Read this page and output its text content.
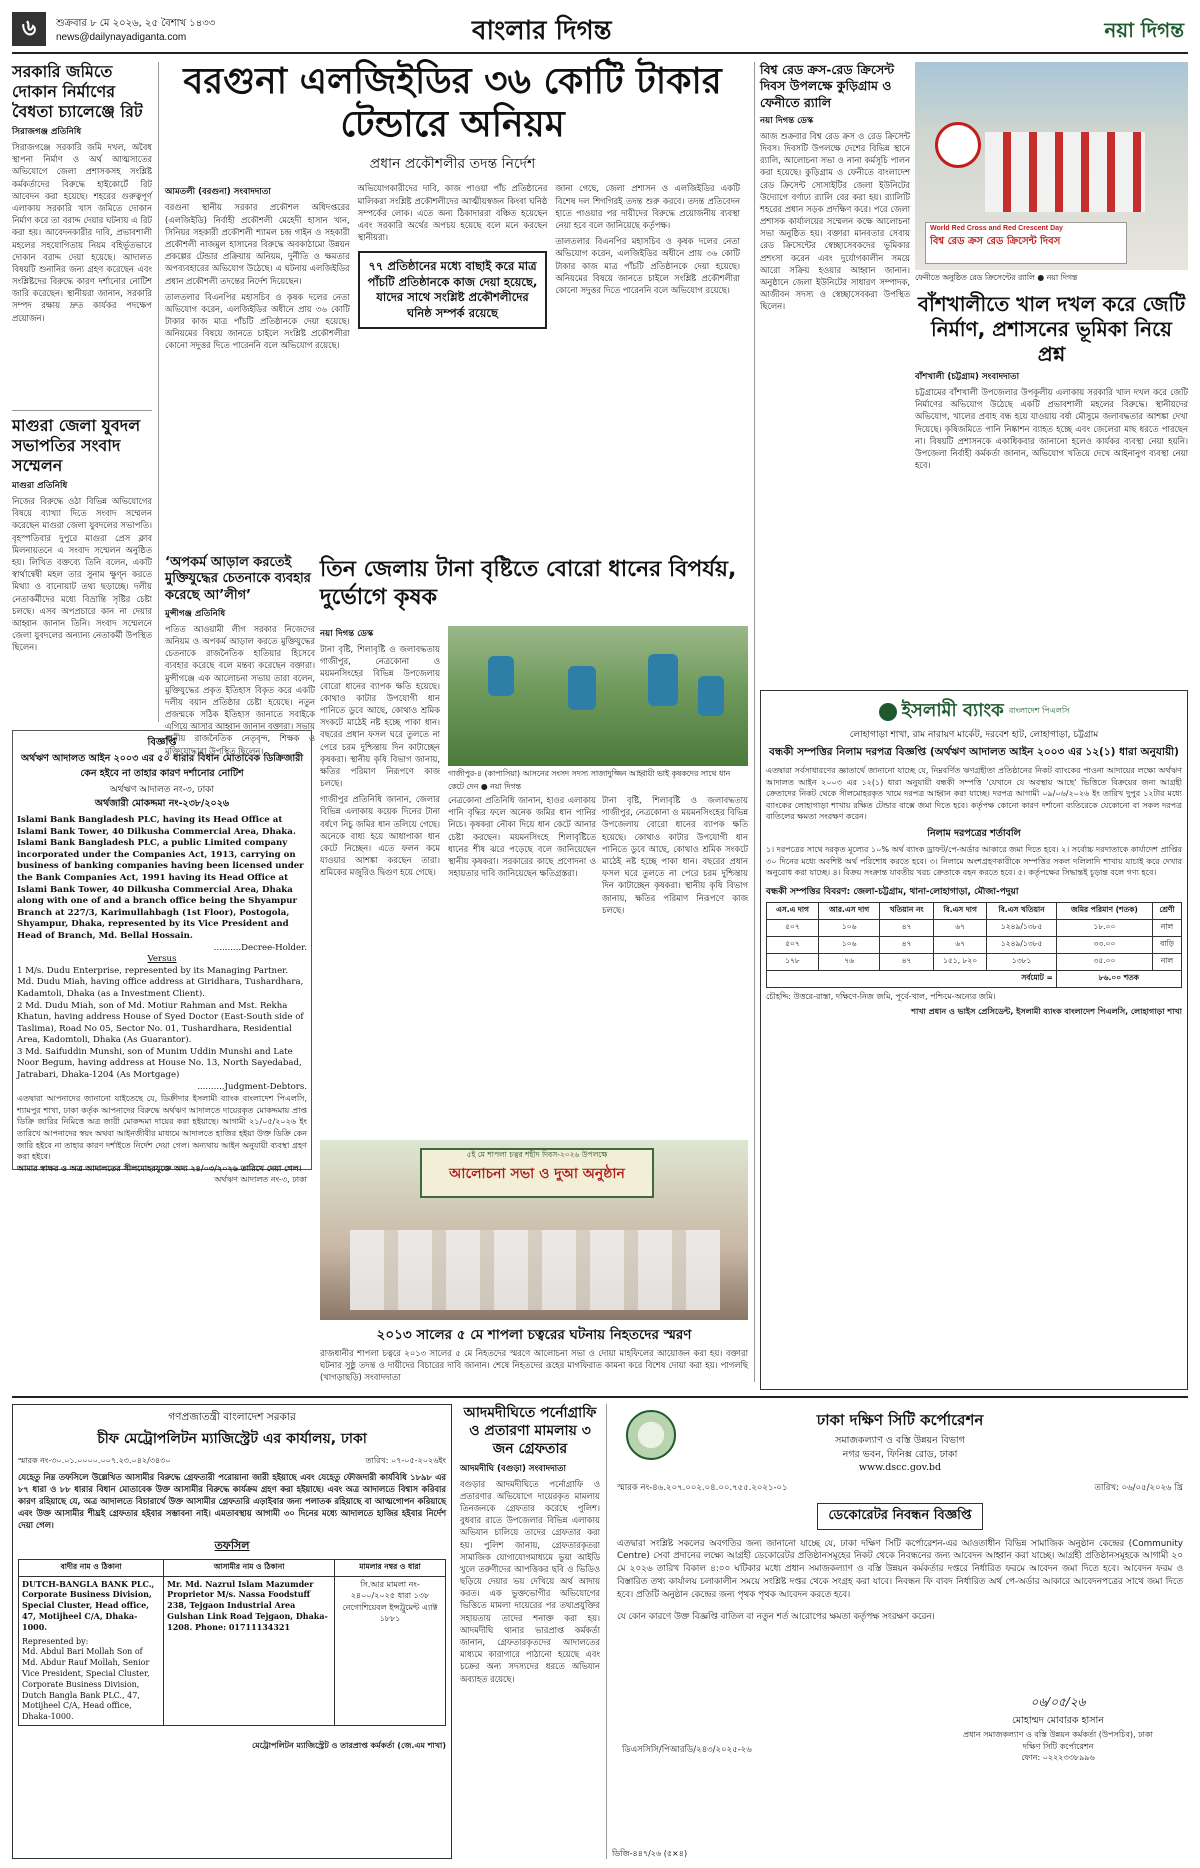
৬	শুক্রবার ৮ মে ২০২৬, ২৫ বৈশাখ ১৪৩৩
news@dailynayadiganta.com	বাংলার দিগন্ত	নয়া দিগন্ত
সরকারি জমিতে দোকান নির্মাণের বৈধতা চ্যালেঞ্জে রিট
সিরাজগঞ্জ প্রতিনিধি
সিরাজগঞ্জে সরকারি জমি দখল, অবৈধ স্থাপনা নির্মাণ ও অর্থ আত্মসাতের অভিযোগে জেলা প্রশাসকসহ সংশ্লিষ্ট কর্মকর্তাদের বিরুদ্ধে হাইকোর্টে রিট আবেদন করা হয়েছে। শহরের গুরুত্বপূর্ণ এলাকায় সরকারি খাস জমিতে দোকান নির্মাণ করে তা বরাদ্দ দেয়ার ঘটনায় এ রিট করা হয়। আবেদনকারীর দাবি, প্রভাবশালী মহলের সহযোগিতায় নিয়ম বহির্ভূতভাবে দোকান বরাদ্দ দেয়া হয়েছে। আদালত বিষয়টি শুনানির জন্য গ্রহণ করেছেন এবং সংশ্লিষ্টদের বিরুদ্ধে কারণ দর্শানোর নোটিশ জারি করেছেন। স্থানীয়রা জানান, সরকারি সম্পদ রক্ষায় দ্রুত কার্যকর পদক্ষেপ প্রয়োজন।
মাগুরা জেলা যুবদল সভাপতির সংবাদ সম্মেলন
মাগুরা প্রতিনিধি
নিজের বিরুদ্ধে ওঠা বিভিন্ন অভিযোগের বিষয়ে ব্যাখ্যা দিতে সংবাদ সম্মেলন করেছেন মাগুরা জেলা যুবদলের সভাপতি। বৃহস্পতিবার দুপুরে মাগুরা প্রেস ক্লাব মিলনায়তনে এ সংবাদ সম্মেলন অনুষ্ঠিত হয়। লিখিত বক্তব্যে তিনি বলেন, একটি স্বার্থান্বেষী মহল তার সুনাম ক্ষুণ্ন করতে মিথ্যা ও বানোয়াট তথ্য ছড়াচ্ছে। দলীয় নেতাকর্মীদের মধ্যে বিভ্রান্তি সৃষ্টির চেষ্টা চলছে। এসব অপপ্রচারে কান না দেয়ার আহ্বান জানান তিনি। সংবাদ সম্মেলনে জেলা যুবদলের অন্যান্য নেতাকর্মী উপস্থিত ছিলেন।
বরগুনা এলজিইডির ৩৬ কোটি টাকার টেন্ডারে অনিয়ম
প্রধান প্রকৌশলীর তদন্ত নির্দেশ
আমতলী (বরগুনা) সংবাদদাতা
বরগুনা স্থানীয় সরকার প্রকৌশল অধিদপ্তরের (এলজিইডি) নির্বাহী প্রকৌশলী মেহেদী হাসান খান, সিনিয়র সহকারী প্রকৌশলী শ্যামল চন্দ্র গাইন ও সহকারী প্রকৌশলী নাজমুল হাসানের বিরুদ্ধে অবকাঠামো উন্নয়ন প্রকল্পের টেন্ডার প্রক্রিয়ায় অনিয়ম, দুর্নীতি ও ক্ষমতার অপব্যবহারের অভিযোগ উঠেছে। এ ঘটনায় এলজিইডির প্রধান প্রকৌশলী তদন্তের নির্দেশ দিয়েছেন।
তালতলার বিএনপির মহাসচিব ও কৃষক দলের নেতা অভিযোগ করেন, এলজিইডির অধীনে প্রায় ৩৬ কোটি টাকার কাজ মাত্র পাঁচটি প্রতিষ্ঠানকে দেয়া হয়েছে। অনিয়মের বিষয়ে জানতে চাইলে সংশ্লিষ্ট প্রকৌশলীরা কোনো সদুত্তর দিতে পারেননি বলে অভিযোগ রয়েছে।
অভিযোগকারীদের দাবি, কাজ পাওয়া পাঁচ প্রতিষ্ঠানের মালিকরা সংশ্লিষ্ট প্রকৌশলীদের আত্মীয়স্বজন কিংবা ঘনিষ্ঠ সম্পর্কের লোক। এতে অন্য ঠিকাদাররা বঞ্চিত হয়েছেন এবং সরকারি অর্থের অপচয় হয়েছে বলে মনে করছেন স্থানীয়রা।
৭৭ প্রতিষ্ঠানের মধ্যে বাছাই করে মাত্র পাঁচটি প্রতিষ্ঠানকে কাজ দেয়া হয়েছে, যাদের সাথে সংশ্লিষ্ট প্রকৌশলীদের ঘনিষ্ঠ সম্পর্ক রয়েছে
জানা গেছে, জেলা প্রশাসন ও এলজিইডির একটি বিশেষ দল শিগগিরই তদন্ত শুরু করবে। তদন্ত প্রতিবেদন হাতে পাওয়ার পর দায়ীদের বিরুদ্ধে প্রয়োজনীয় ব্যবস্থা নেয়া হবে বলে জানিয়েছে কর্তৃপক্ষ।
তালতলার বিএনপির মহাসচিব ও কৃষক দলের নেতা অভিযোগ করেন, এলজিইডির অধীনে প্রায় ৩৬ কোটি টাকার কাজ মাত্র পাঁচটি প্রতিষ্ঠানকে দেয়া হয়েছে। অনিয়মের বিষয়ে জানতে চাইলে সংশ্লিষ্ট প্রকৌশলীরা কোনো সদুত্তর দিতে পারেননি বলে অভিযোগ রয়েছে।
‘অপকর্ম আড়াল করতেই মুক্তিযুদ্ধের চেতনাকে ব্যবহার করেছে আ’লীগ’
মুন্সীগঞ্জ প্রতিনিধি
পতিত আওয়ামী লীগ সরকার নিজেদের অনিয়ম ও অপকর্ম আড়াল করতে মুক্তিযুদ্ধের চেতনাকে রাজনৈতিক হাতিয়ার হিসেবে ব্যবহার করেছে বলে মন্তব্য করেছেন বক্তারা। মুন্সীগঞ্জে এক আলোচনা সভায় তারা বলেন, মুক্তিযুদ্ধের প্রকৃত ইতিহাস বিকৃত করে একটি দলীয় বয়ান প্রতিষ্ঠার চেষ্টা হয়েছে। নতুন প্রজন্মকে সঠিক ইতিহাস জানাতে সবাইকে এগিয়ে আসার আহ্বান জানান বক্তারা। সভায় স্থানীয় রাজনৈতিক নেতৃবৃন্দ, শিক্ষক ও মুক্তিযোদ্ধারা উপস্থিত ছিলেন।
তিন জেলায় টানা বৃষ্টিতে বোরো ধানের বিপর্যয়, দুর্ভোগে কৃষক
নয়া দিগন্ত ডেস্ক
টানা বৃষ্টি, শিলাবৃষ্টি ও জলাবদ্ধতায় গাজীপুর, নেত্রকোনা ও ময়মনসিংহের বিভিন্ন উপজেলায় বোরো ধানের ব্যাপক ক্ষতি হয়েছে। কোথাও কাটার উপযোগী ধান পানিতে ডুবে আছে, কোথাও শ্রমিক সংকটে মাঠেই নষ্ট হচ্ছে পাকা ধান। বছরের প্রধান ফসল ঘরে তুলতে না পেরে চরম দুশ্চিন্তায় দিন কাটাচ্ছেন কৃষকরা। স্থানীয় কৃষি বিভাগ জানায়, ক্ষতির পরিমাণ নিরূপণে কাজ চলছে।
গাজীপুর প্রতিনিধি জানান, জেলার বিভিন্ন এলাকায় কয়েক দিনের টানা বর্ষণে নিচু জমির ধান তলিয়ে গেছে। অনেকে বাধ্য হয়ে আধাপাকা ধান কেটে নিচ্ছেন। এতে ফলন কমে যাওয়ার আশঙ্কা করছেন তারা। শ্রমিকের মজুরিও দ্বিগুণ হয়ে গেছে।
গাজীপুর-৪ (কাপাসিয়া) আসনের সংসদ সদস্য সাজাদুজ্জিন আহ্বায়ী ভাই কৃষকদের সাথে ধান কেটে দেন ● নয়া দিগন্ত
নেত্রকোনা প্রতিনিধি জানান, হাওর এলাকায় পানি বৃদ্ধির ফলে অনেক জমির ধান পানির নিচে। কৃষকরা নৌকা দিয়ে ধান কেটে আনার চেষ্টা করছেন। ময়মনসিংহে শিলাবৃষ্টিতে ধানের শীষ ঝরে পড়েছে বলে জানিয়েছেন স্থানীয় কৃষকরা। সরকারের কাছে প্রণোদনা ও সহায়তার দাবি জানিয়েছেন ক্ষতিগ্রস্তরা।
টানা বৃষ্টি, শিলাবৃষ্টি ও জলাবদ্ধতায় গাজীপুর, নেত্রকোনা ও ময়মনসিংহের বিভিন্ন উপজেলায় বোরো ধানের ব্যাপক ক্ষতি হয়েছে। কোথাও কাটার উপযোগী ধান পানিতে ডুবে আছে, কোথাও শ্রমিক সংকটে মাঠেই নষ্ট হচ্ছে পাকা ধান। বছরের প্রধান ফসল ঘরে তুলতে না পেরে চরম দুশ্চিন্তায় দিন কাটাচ্ছেন কৃষকরা। স্থানীয় কৃষি বিভাগ জানায়, ক্ষতির পরিমাণ নিরূপণে কাজ চলছে।
বিজ্ঞপ্তি
অর্থঋণ আদালত আইন ২০০৩ এর ৫০ ধারার বিধান মোতাবেক ডিক্রিজারী কেন হইবে না তাহার কারণ দর্শানোর নোটিশ
অর্থঋণ আদালত নং-৩, ঢাকা
অর্থজারী মোকদ্দমা নং-২৩৮/২০২৬
Islami Bank Bangladesh PLC, having its Head Office at Islami Bank Tower, 40 Dilkusha Commercial Area, Dhaka. Islami Bank Bangladesh PLC, a public Limited company incorporated under the Companies Act, 1913, carrying on business of banking companies having been licensed under the Bank Companies Act, 1991 having its Head Office at Islami Bank Tower, 40 Dilkusha Commercial Area, Dhaka along with one of and a branch office being the Shyampur Branch at 227/3, Karimullahbagh (1st Floor), Postogola, Shyampur, Dhaka, represented by its Vice President and Head of Branch, Md. Bellal Hossain.
..........Decree-Holder.
Versus
1 M/s. Dudu Enterprise, represented by its Managing Partner. Md. Dudu Miah, having office address at Giridhara, Tushardhara, Kadamtoli, Dhaka (as a Investment Client).
2 Md. Dudu Miah, son of Md. Motiur Rahman and Mst. Rekha Khatun, having address House of Syed Doctor (East-South side of Taslima), Road No 05, Sector No. 01, Tushardhara, Residential Area, Kadomtoli, Dhaka (As Guarantor).
3 Md. Saifuddin Munshi, son of Munim Uddin Munshi and Late Noor Begum, having address at House No. 13, North Sayedabad, Jatrabari, Dhaka-1204 (As Mortgage)
..........Judgment-Debtors.
এতদ্বারা আপনাদের জানানো যাইতেছে যে, ডিক্রীদার ইসলামী ব্যাংক বাংলাদেশ পিএলসি, শ্যামপুর শাখা, ঢাকা কর্তৃক আপনাদের বিরুদ্ধে অর্থঋণ আদালতে দায়েরকৃত মোকদ্দমায় প্রাপ্ত ডিক্রি জারির নিমিত্তে অত্র জারী মোকদ্দমা দায়ের করা হইয়াছে। আগামী ২১/০৫/২০২৬ ইং তারিখে আপনাদের স্বয়ং অথবা আইনজীবীর মাধ্যমে আদালতে হাজির হইয়া উক্ত ডিক্রি কেন জারি হইবে না তাহার কারণ দর্শাইতে নির্দেশ দেয়া গেল। অন্যথায় আইন অনুযায়ী ব্যবস্থা গ্রহণ করা হইবে।
আমার স্বাক্ষর ও অত্র আদালতের সীলমোহরযুক্তে অদ্য ২৪/০৩/২০২৬ তারিখে দেয়া গেল।
অর্থঋণ আদালত নং-৩, ঢাকা
৫ই মে শাপলা চত্বর শহীদ দিবস-২০২৬ উপলক্ষে
আলোচনা সভা ও দুআ অনুষ্ঠান
২০১৩ সালের ৫ মে শাপলা চত্বরের ঘটনায় নিহতদের স্মরণ
রাজধানীর শাপলা চত্বরে ২০১৩ সালের ৫ মে নিহতদের স্মরণে আলোচনা সভা ও দোয়া মাহফিলের আয়োজন করা হয়। বক্তারা ঘটনার সুষ্ঠু তদন্ত ও দায়ীদের বিচারের দাবি জানান। শেষে নিহতদের রূহের মাগফিরাত কামনা করে বিশেষ দোয়া করা হয়। পাগলছি (খাগড়াছড়ি) সংবাদদাতা
বিশ্ব রেড ক্রস-রেড ক্রিসেন্ট দিবস উপলক্ষে কুড়িগ্রাম ও ফেনীতে র‍্যালি
নয়া দিগন্ত ডেস্ক
আজ শুক্রবার বিশ্ব রেড ক্রস ও রেড ক্রিসেন্ট দিবস। দিবসটি উপলক্ষে দেশের বিভিন্ন স্থানে র‍্যালি, আলোচনা সভা ও নানা কর্মসূচি পালন করা হয়েছে। কুড়িগ্রাম ও ফেনীতে বাংলাদেশ রেড ক্রিসেন্ট সোসাইটির জেলা ইউনিটের উদ্যোগে বর্ণাঢ্য র‍্যালি বের করা হয়। র‍্যালিটি শহরের প্রধান সড়ক প্রদক্ষিণ করে। পরে জেলা প্রশাসক কার্যালয়ের সম্মেলন কক্ষে আলোচনা সভা অনুষ্ঠিত হয়। বক্তারা মানবতার সেবায় রেড ক্রিসেন্টের স্বেচ্ছাসেবকদের ভূমিকার প্রশংসা করেন এবং দুর্যোগকালীন সময়ে আরো সক্রিয় হওয়ার আহ্বান জানান। অনুষ্ঠানে জেলা ইউনিটের সাধারণ সম্পাদক, আজীবন সদস্য ও স্বেচ্ছাসেবকরা উপস্থিত ছিলেন।
World Red Cross and Red Crescent Day
বিশ্ব রেড ক্রস রেড ক্রিসেন্ট দিবস
ফেনীতে অনুষ্ঠিত রেড ক্রিসেন্টের র‍্যালি ● নয়া দিগন্ত
বাঁশখালীতে খাল দখল করে জেটি নির্মাণ, প্রশাসনের ভূমিকা নিয়ে প্রশ্ন
বাঁশখালী (চট্টগ্রাম) সংবাদদাতা
চট্টগ্রামের বাঁশখালী উপজেলার উপকূলীয় এলাকায় সরকারি খাল দখল করে জেটি নির্মাণের অভিযোগ উঠেছে একটি প্রভাবশালী মহলের বিরুদ্ধে। স্থানীয়দের অভিযোগ, খালের প্রবাহ বন্ধ হয়ে যাওয়ায় বর্ষা মৌসুমে জলাবদ্ধতার আশঙ্কা দেখা দিয়েছে। কৃষিজমিতে পানি নিষ্কাশন ব্যাহত হচ্ছে এবং জেলেরা মাছ ধরতে পারছেন না। বিষয়টি প্রশাসনকে একাধিকবার জানানো হলেও কার্যকর ব্যবস্থা নেয়া হয়নি। উপজেলা নির্বাহী কর্মকর্তা জানান, অভিযোগ খতিয়ে দেখে আইনানুগ ব্যবস্থা নেয়া হবে।
ইসলামী ব্যাংক বাংলাদেশ পিএলসি
লোহাগাড়া শাখা, রাম নারায়ণ মার্কেট, দরবেশ হাট, লোহাগাড়া, চট্টগ্রাম
বন্ধকী সম্পত্তির নিলাম দরপত্র বিজ্ঞপ্তি (অর্থঋণ আদালত আইন ২০০৩ এর ১২(১) ধারা অনুযায়ী)
এতদ্বারা সর্বসাধারণের জ্ঞাতার্থে জানানো যাচ্ছে যে, নিম্নবর্ণিত ঋণগ্রহীতা প্রতিষ্ঠানের নিকট ব্যাংকের পাওনা আদায়ের লক্ষ্যে অর্থঋণ আদালত আইন ২০০৩ এর ১২(১) ধারা অনুযায়ী বন্ধকী সম্পত্তি 'যেখানে যে অবস্থায় আছে' ভিত্তিতে বিক্রয়ের জন্য আগ্রহী ক্রেতাদের নিকট থেকে সীলমোহরকৃত খামে দরপত্র আহ্বান করা যাচ্ছে। দরপত্র আগামী ০৯/০৬/২০২৬ ইং তারিখ দুপুর ১২টার মধ্যে ব্যাংকের লোহাগাড়া শাখায় রক্ষিত টেন্ডার বাক্সে জমা দিতে হবে। কর্তৃপক্ষ কোনো কারণ দর্শানো ব্যতিরেকে যেকোনো বা সকল দরপত্র বাতিলের ক্ষমতা সংরক্ষণ করেন।
নিলাম দরপত্রের শর্তাবলি
১। দরপত্রের সাথে দরকৃত মূল্যের ১০% অর্থ ব্যাংক ড্রাফট/পে-অর্ডার আকারে জমা দিতে হবে। ২। সর্বোচ্চ দরদাতাকে কার্যাদেশ প্রাপ্তির ৩০ দিনের মধ্যে অবশিষ্ট অর্থ পরিশোধ করতে হবে। ৩। নিলামে অংশগ্রহণকারীকে সম্পত্তির সকল দলিলাদি শাখায় যাচাই করে দেখার অনুরোধ করা যাচ্ছে। ৪। বিক্রয় সংক্রান্ত যাবতীয় খরচ ক্রেতাকে বহন করতে হবে। ৫। কর্তৃপক্ষের সিদ্ধান্তই চূড়ান্ত বলে গণ্য হবে।
বন্ধকী সম্পত্তির বিবরণ: জেলা-চট্টগ্রাম, থানা-লোহাগাড়া, মৌজা-পদুয়া
এস.এ দাগ	আর.এস দাগ	খতিয়ান নং	বি.এস দাগ	বি.এস খতিয়ান	জমির পরিমাণ (শতক)	শ্রেণী
৫০৭	১০৬	৪৭	৬৭	১২৪৯/১৩৮৫	১৮.০০	নাল
৫০৭	১০৬	৪৭	৬৭	১২৪৯/১৩৮৫	৩৩.০০	বাড়ি
১৭৮	৭৬	৪৭	১৫১, ৮২০	১৩৮১	৩৫.০০	নাল
সর্বমোট =					৮৬.০০ শতক	
চৌহদ্দি: উত্তরে-রাস্তা, দক্ষিণে-নিজ জমি, পূর্বে-খাল, পশ্চিমে-অন্যের জমি।
শাখা প্রধান ও ভাইস প্রেসিডেন্ট, ইসলামী ব্যাংক বাংলাদেশ পিএলসি, লোহাগাড়া শাখা
গণপ্রজাতন্ত্রী বাংলাদেশ সরকার
চীফ মেট্রোপলিটন ম্যাজিস্ট্রেট এর কার্যালয়, ঢাকা
স্মারক নং-৩০.০১.০০০০.০০৭.২৩.০৪২/৩৪৩০	তারিখ: ০৭-০৫-২০২৬ইং
যেহেতু নিম্ন তফসিলে উল্লেখিত আসামীর বিরুদ্ধে গ্রেফতারী পরোয়ানা জারী হইয়াছে এবং যেহেতু ফৌজদারী কার্যবিধি ১৮৯৮ এর ৮৭ ধারা ও ৮৮ ধারার বিধান মোতাবেক উক্ত আসামীর বিরুদ্ধে কার্যক্রম গ্রহণ করা হইয়াছে। এবং অত্র আদালতে বিশ্বাস করিবার কারণ রহিয়াছে যে, অত্র আদালতে বিচারার্থে উক্ত আসামীর গ্রেফতারি এড়াইবার জন্য পলাতক রহিয়াছে বা আত্মগোপন করিয়াছে এবং উক্ত আসামীর শীঘ্রই গ্রেফতার হইবার সম্ভাবনা নাই। এমতাবস্থায় আগামী ৩০ দিনের মধ্যে আদালতে হাজির হইবার নির্দেশ দেয়া গেল।
তফসিল
বাদীর নাম ও ঠিকানা	আসামীর নাম ও ঠিকানা	মামলার নম্বর ও ধারা

DUTCH-BANGLA BANK PLC., Corporate Business Division, Special Cluster, Head office, 47, Motijheel C/A, Dhaka-1000.
Represented by:
Md. Abdul Bari Mollah Son of Md. Abdur Rauf Mollah, Senior Vice President, Special Cluster, Corporate Business Division, Dutch Bangla Bank PLC., 47, Motijheel C/A, Head office, Dhaka-1000.	Mr. Md. Nazrul Islam Mazumder Proprietor M/s. Nassa Foodstuff 238, Tejgaon Industrial Area Gulshan Link Road Tejgaon, Dhaka-1208. Phone: 01711134321	সি.আর মামলা নং- ২৪০০/২০২৫ ধারা ১৩৮ নেগোশিয়েবল ইন্সট্রুমেন্ট এ্যাক্ট ১৮৮১
মেট্রোপলিটন ম্যাজিস্ট্রেট ও তারপ্রাপ্ত কর্মকর্তা (জে.এম শাখা)
আদমদীঘিতে পর্নোগ্রাফি ও প্রতারণা মামলায় ৩ জন গ্রেফতার
আদমদীঘি (বগুড়া) সংবাদদাতা
বগুড়ার আদমদীঘিতে পর্নোগ্রাফি ও প্রতারণার অভিযোগে দায়েরকৃত মামলায় তিনজনকে গ্রেফতার করেছে পুলিশ। বুধবার রাতে উপজেলার বিভিন্ন এলাকায় অভিযান চালিয়ে তাদের গ্রেফতার করা হয়। পুলিশ জানায়, গ্রেফতারকৃতরা সামাজিক যোগাযোগমাধ্যমে ভুয়া আইডি খুলে তরুণীদের আপত্তিকর ছবি ও ভিডিও ছড়িয়ে দেয়ার ভয় দেখিয়ে অর্থ আদায় করত। এক ভুক্তভোগীর অভিযোগের ভিত্তিতে মামলা দায়েরের পর তথ্যপ্রযুক্তির সহায়তায় তাদের শনাক্ত করা হয়। আদমদীঘি থানার ভারপ্রাপ্ত কর্মকর্তা জানান, গ্রেফতারকৃতদের আদালতের মাধ্যমে কারাগারে পাঠানো হয়েছে এবং চক্রের অন্য সদস্যদের ধরতে অভিযান অব্যাহত রয়েছে।
ঢাকা দক্ষিণ সিটি কর্পোরেশন
সমাজকল্যাণ ও বস্তি উন্নয়ন বিভাগ
নগর ভবন, ফিনিক্স রোড, ঢাকা
www.dscc.gov.bd
স্মারক নং-৪৬.২০৭.০০২.০৪.০০.৭৫৫.২০২১-০১	তারিখ: ০৬/০৫/২০২৬ খ্রি
ডেকোরেটর নিবন্ধন বিজ্ঞপ্তি
এতদ্বারা সংশ্লিষ্ট সকলের অবগতির জন্য জানানো যাচ্ছে যে, ঢাকা দক্ষিণ সিটি কর্পোরেশন-এর আওতাধীন বিভিন্ন সামাজিক অনুষ্ঠান কেন্দ্রের (Community Centre) সেবা প্রদানের লক্ষ্যে আগ্রহী ডেকোরেটর প্রতিষ্ঠানসমূহের নিকট থেকে নিবন্ধনের জন্য আবেদন আহ্বান করা যাচ্ছে। আগ্রহী প্রতিষ্ঠানসমূহকে আগামী ২০ মে ২০২৬ তারিখ বিকাল ৪:০০ ঘটিকার মধ্যে প্রধান সমাজকল্যাণ ও বস্তি উন্নয়ন কর্মকর্তার দপ্তরে নির্ধারিত ফরমে আবেদন জমা দিতে হবে। আবেদন ফরম ও বিস্তারিত তথ্য কার্যালয় চলাকালীন সময়ে সংশ্লিষ্ট দপ্তর থেকে সংগ্রহ করা যাবে। নিবন্ধন ফি বাবদ নির্ধারিত অর্থ পে-অর্ডার আকারে আবেদনপত্রের সাথে জমা দিতে হবে। প্রতিটি অনুষ্ঠান কেন্দ্রের জন্য পৃথক পৃথক আবেদন করতে হবে।
যে কোন কারণে উক্ত বিজ্ঞপ্তি বাতিল বা নতুন শর্ত আরোপের ক্ষমতা কর্তৃপক্ষ সংরক্ষণ করেন।
ডিএসসিসি/পিআরডি/২৪৩/২০২৫-২৬
০৬/০৫/২৬
মোহাম্মদ মোবারক হাসান
প্রধান সমাজকল্যাণ ও বস্তি উন্নয়ন কর্মকর্তা (উপসচিব), ঢাকা দক্ষিণ সিটি কর্পোরেশন
ফোন: ০২২২৩৩৮৯৯৬
ডিজি-৪৪৭/২৬ (৫×৪)
